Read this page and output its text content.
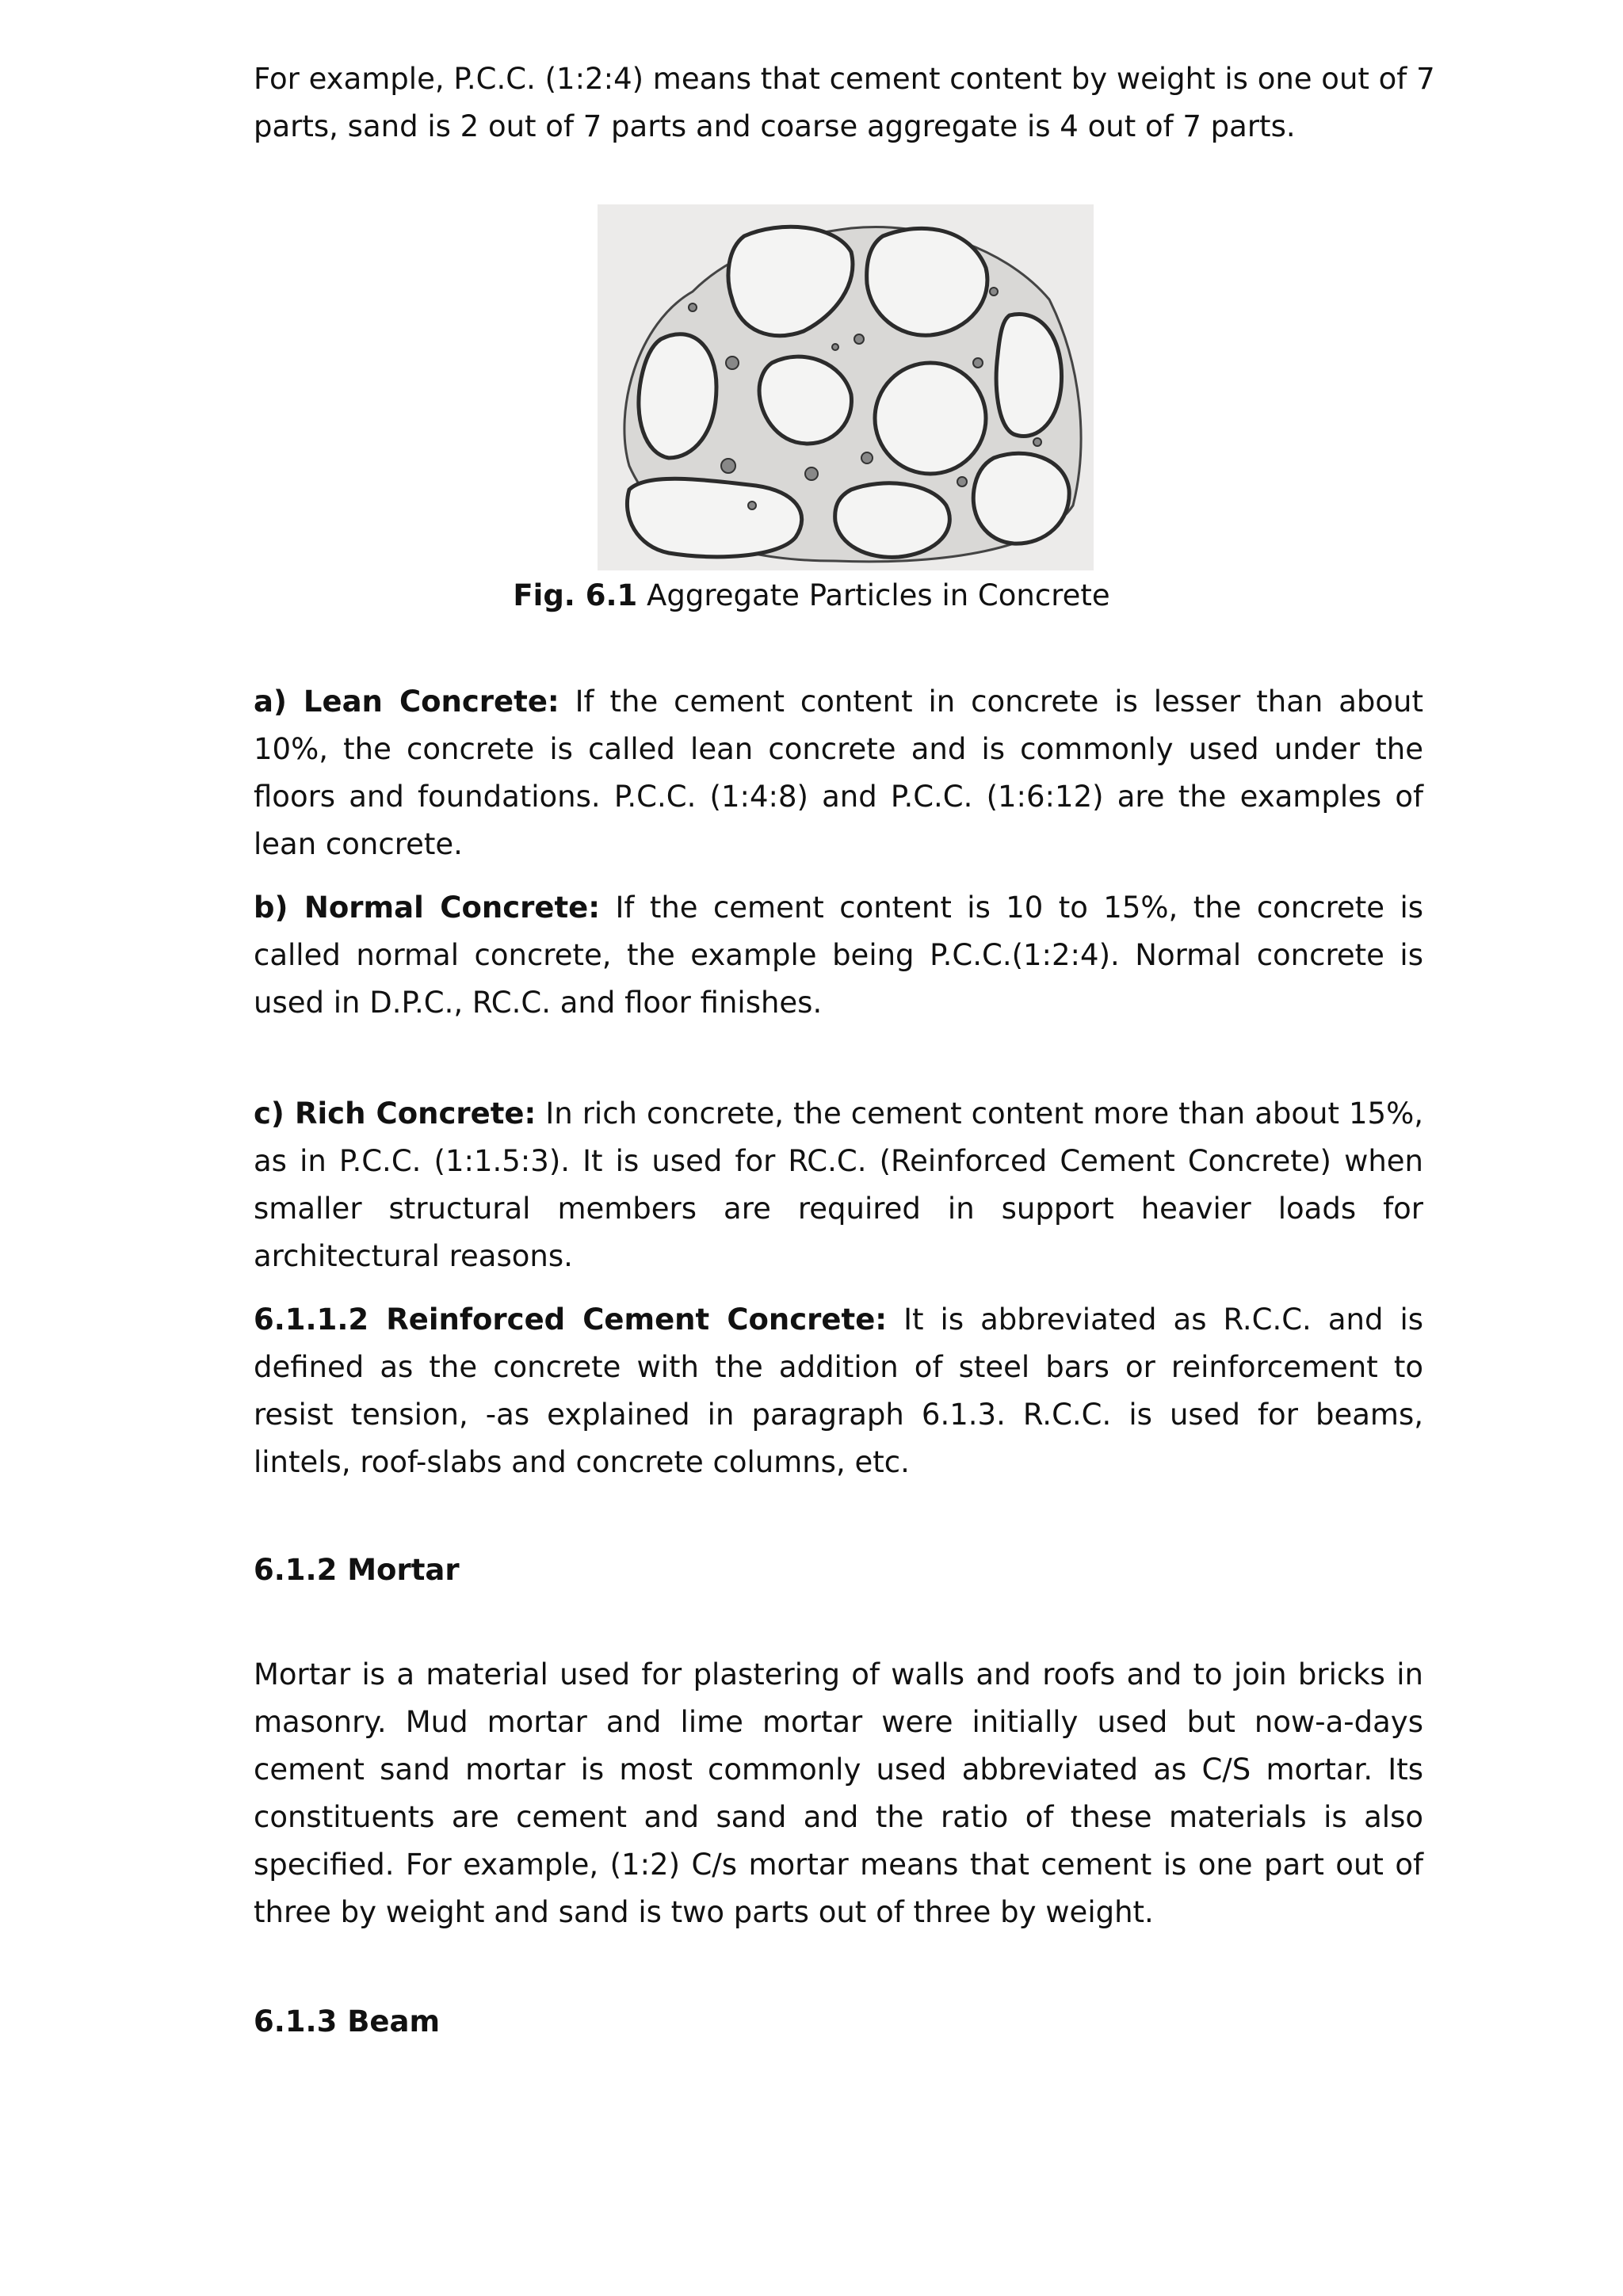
For example, P.C.C. (1:2:4) means that cement content by weight is one out of 7 parts, sand is 2 out of 7 parts and coarse aggregate is 4 out of 7 parts.

Fig. 6.1 Aggregate Particles in Concrete

a) Lean Concrete: If the cement content in concrete is lesser than about 10%, the concrete is called lean concrete and is commonly used under the floors and foundations. P.C.C. (1:4:8) and P.C.C. (1:6:12) are the examples of lean concrete.

b) Normal Concrete: If the cement content is 10 to 15%, the concrete is called normal concrete, the example being P.C.C.(1:2:4). Normal concrete is used in D.P.C., RC.C. and floor finishes.

c) Rich Concrete: In rich concrete, the cement content more than about 15%, as in P.C.C. (1:1.5:3). It is used for RC.C. (Reinforced Cement Concrete) when smaller structural members are required in support heavier loads for architectural reasons.

6.1.1.2 Reinforced Cement Concrete: It is abbreviated as R.C.C. and is defined as the concrete with the addition of steel bars or reinforcement to resist tension, -as explained in paragraph 6.1.3. R.C.C. is used for beams, lintels, roof-slabs and concrete columns, etc.

6.1.2 Mortar

Mortar is a material used for plastering of walls and roofs and to join bricks in masonry. Mud mortar and lime mortar were initially used but now-a-days cement sand mortar is most commonly used abbreviated as C/S mortar. Its constituents are cement and sand and the ratio of these materials is also specified. For example, (1:2) C/s mortar means that cement is one part out of three by weight and sand is two parts out of three by weight.

6.1.3 Beam
